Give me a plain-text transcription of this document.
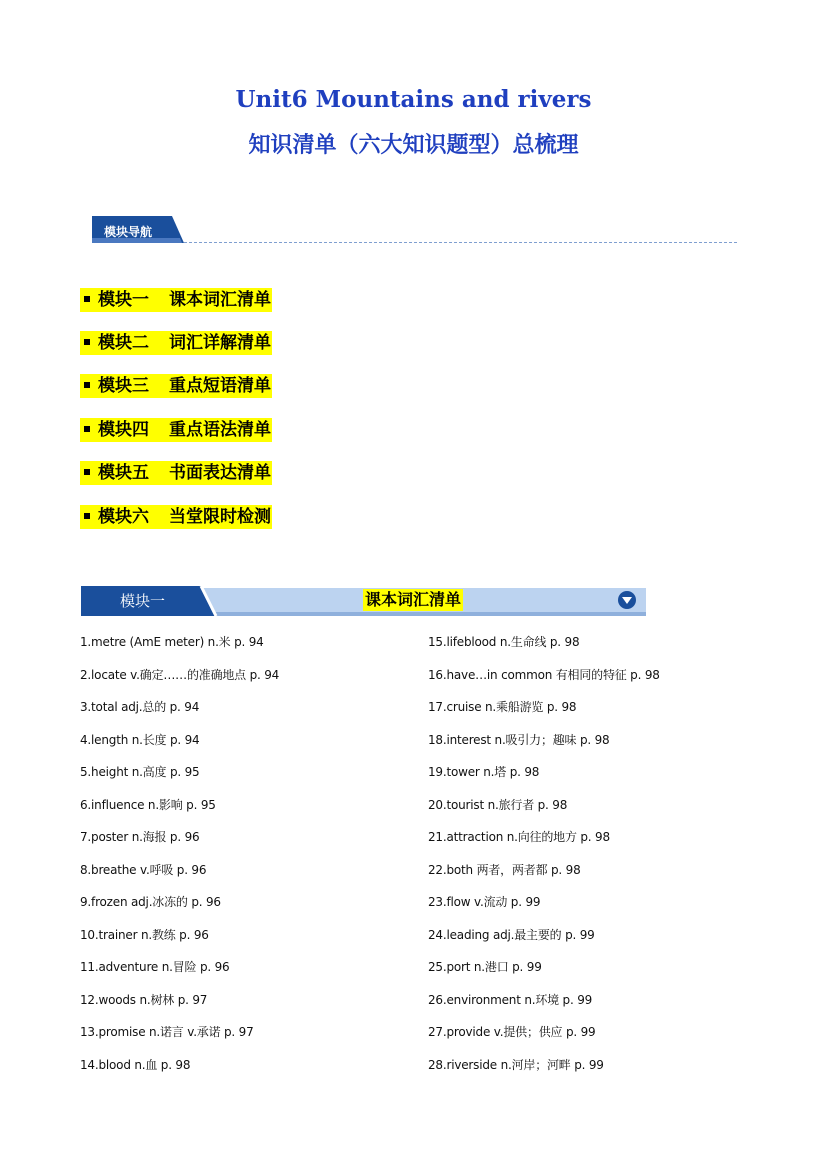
Unit6 Mountains and rivers
知识清单（六大知识题型）总梳理
模块导航
模块一 课本词汇清单
模块二 词汇详解清单
模块三 重点短语清单
模块四 重点语法清单
模块五 书面表达清单
模块六 当堂限时检测
模块一	课本词汇清单
1.metre (AmE meter) n.米 p. 94
2.locate v.确定……的准确地点 p. 94
3.total adj.总的 p. 94
4.length n.长度 p. 94
5.height n.高度 p. 95
6.influence n.影响 p. 95
7.poster n.海报 p. 96
8.breathe v.呼吸 p. 96
9.frozen adj.冰冻的 p. 96
10.trainer n.教练 p. 96
11.adventure n.冒险 p. 96
12.woods n.树林 p. 97
13.promise n.诺言 v.承诺 p. 97
14.blood n.血 p. 98
15.lifeblood n.生命线 p. 98
16.have…in common 有相同的特征 p. 98
17.cruise n.乘船游览 p. 98
18.interest n.吸引力；趣味 p. 98
19.tower n.塔 p. 98
20.tourist n.旅行者 p. 98
21.attraction n.向往的地方 p. 98
22.both 两者，两者都 p. 98
23.flow v.流动 p. 99
24.leading adj.最主要的 p. 99
25.port n.港口 p. 99
26.environment n.环境 p. 99
27.provide v.提供；供应 p. 99
28.riverside n.河岸；河畔 p. 99
